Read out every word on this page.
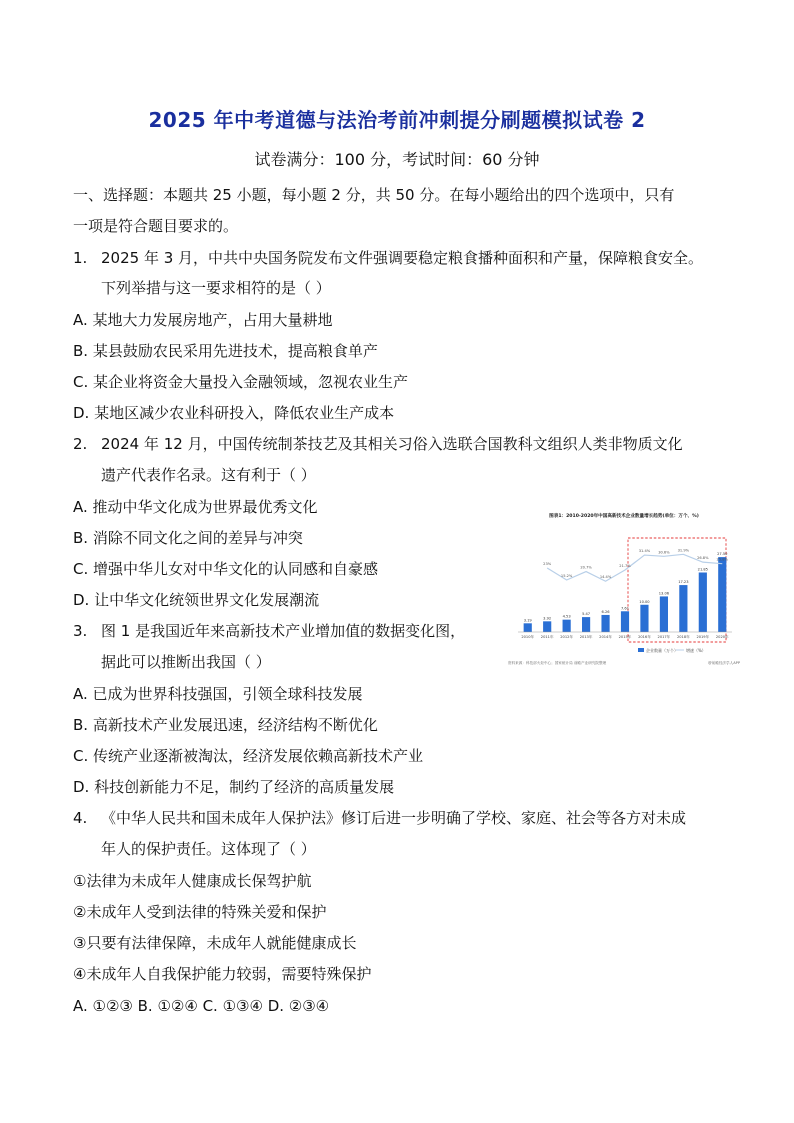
2025 年中考道德与法治考前冲刺提分刷题模拟试卷 2
试卷满分：100 分，考试时间：60 分钟
一、选择题：本题共 25 小题，每小题 2 分，共 50 分。在每小题给出的四个选项中，只有
一项是符合题目要求的。
1. 2025 年 3 月，中共中央国务院发布文件强调要稳定粮食播种面积和产量，保障粮食安全。
下列举措与这一要求相符的是（ ）
A. 某地大力发展房地产，占用大量耕地
B. 某县鼓励农民采用先进技术，提高粮食单产
C. 某企业将资金大量投入金融领域，忽视农业生产
D. 某地区减少农业科研投入，降低农业生产成本
2. 2024 年 12 月，中国传统制茶技艺及其相关习俗入选联合国教科文组织人类非物质文化
遗产代表作名录。这有利于（ ）
A. 推动中华文化成为世界最优秀文化
B. 消除不同文化之间的差异与冲突
C. 增强中华儿女对中华文化的认同感和自豪感
D. 让中华文化统领世界文化发展潮流
3. 图 1 是我国近年来高新技术产业增加值的数据变化图，
据此可以推断出我国（ ）
A. 已成为世界科技强国，引领全球科技发展
B. 高新技术产业发展迅速，经济结构不断优化
C. 传统产业逐渐被淘汰，经济发展依赖高新技术产业
D. 科技创新能力不足，制约了经济的高质量发展
4. 《中华人民共和国未成年人保护法》修订后进一步明确了学校、家庭、社会等各方对未成
年人的保护责任。这体现了（ ）
①法律为未成年人健康成长保驾护航
②未成年人受到法律的特殊关爱和保护
③只要有法律保障，未成年人就能健康成长
④未成年人自我保护能力较弱，需要特殊保护
A. ①②③ B. ①②④ C. ①③④ D. ②③④
图表1：2010-2020年中国高新技术企业数量增长趋势(单位：万个、%)
23%
15.2%
20.7%
14.4%
21.7%
31.4% 30.6% 31.9%
26.8% 25.8%
3.19
2010年
3.92
2011年
4.53
2012年
5.47
2013年
6.26
2014年
7.61
2015年
10.00
2016年
13.06
2017年
17.23
2018年
21.85
2019年
27.50
2020年
企业数量（万个） 增速（%）
资料来源：科技部火炬中心；国家统计局 前瞻产业研究院整理	@前瞻经济学人APP
